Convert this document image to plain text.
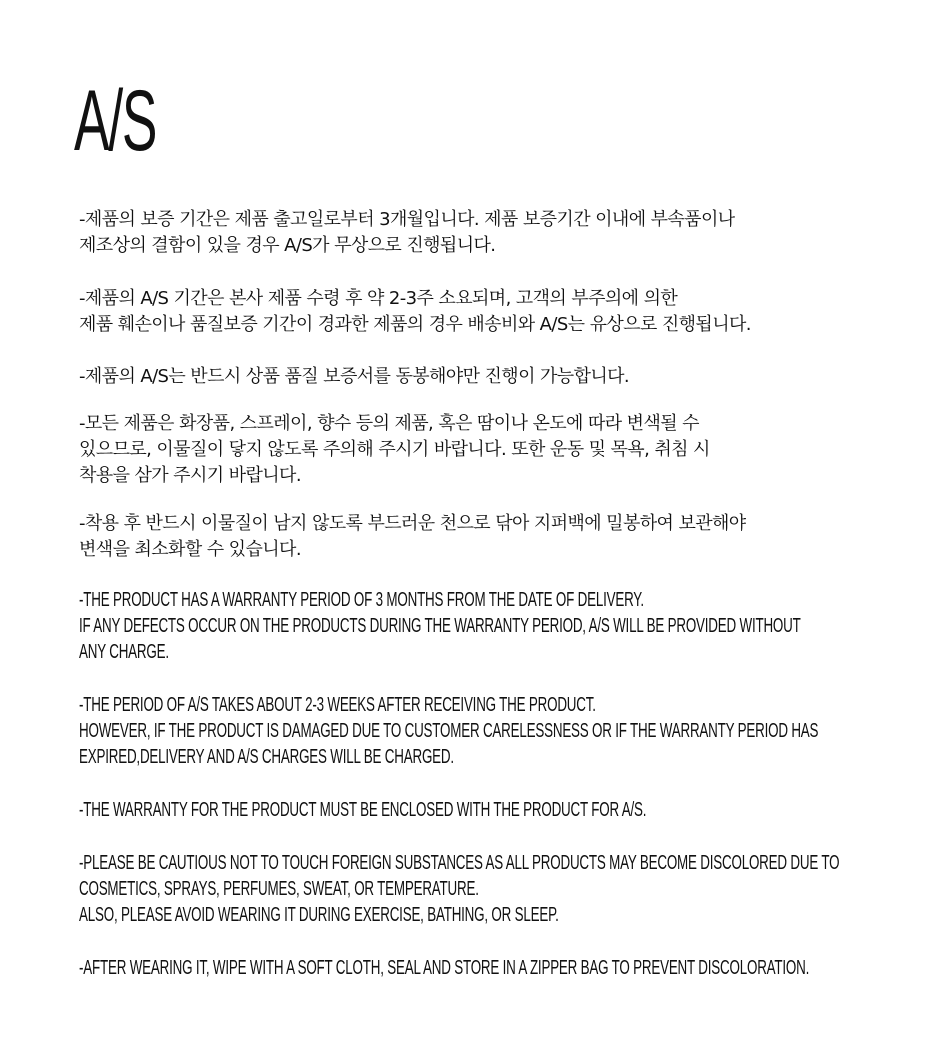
A/S
-제품의 보증 기간은 제품 출고일로부터 3개월입니다. 제품 보증기간 이내에 부속품이나
제조상의 결함이 있을 경우 A/S가 무상으로 진행됩니다.
-제품의 A/S 기간은 본사 제품 수령 후 약 2-3주 소요되며, 고객의 부주의에 의한
제품 훼손이나 품질보증 기간이 경과한 제품의 경우 배송비와 A/S는 유상으로 진행됩니다.
-제품의 A/S는 반드시 상품 품질 보증서를 동봉해야만 진행이 가능합니다.
-모든 제품은 화장품, 스프레이, 향수 등의 제품, 혹은 땀이나 온도에 따라 변색될 수
있으므로, 이물질이 닿지 않도록 주의해 주시기 바랍니다. 또한 운동 및 목욕, 취침 시
착용을 삼가 주시기 바랍니다.
-착용 후 반드시 이물질이 남지 않도록 부드러운 천으로 닦아 지퍼백에 밀봉하여 보관해야
변색을 최소화할 수 있습니다.
-THE PRODUCT HAS A WARRANTY PERIOD OF 3 MONTHS FROM THE DATE OF DELIVERY.
IF ANY DEFECTS OCCUR ON THE PRODUCTS DURING THE WARRANTY PERIOD, A/S WILL BE PROVIDED WITHOUT
ANY CHARGE.
-THE PERIOD OF A/S TAKES ABOUT 2-3 WEEKS AFTER RECEIVING THE PRODUCT.
HOWEVER, IF THE PRODUCT IS DAMAGED DUE TO CUSTOMER CARELESSNESS OR IF THE WARRANTY PERIOD HAS
EXPIRED,DELIVERY AND A/S CHARGES WILL BE CHARGED.
-THE WARRANTY FOR THE PRODUCT MUST BE ENCLOSED WITH THE PRODUCT FOR A/S.
-PLEASE BE CAUTIOUS NOT TO TOUCH FOREIGN SUBSTANCES AS ALL PRODUCTS MAY BECOME DISCOLORED DUE TO
COSMETICS, SPRAYS, PERFUMES, SWEAT, OR TEMPERATURE.
ALSO, PLEASE AVOID WEARING IT DURING EXERCISE, BATHING, OR SLEEP.
-AFTER WEARING IT, WIPE WITH A SOFT CLOTH, SEAL AND STORE IN A ZIPPER BAG TO PREVENT DISCOLORATION.
